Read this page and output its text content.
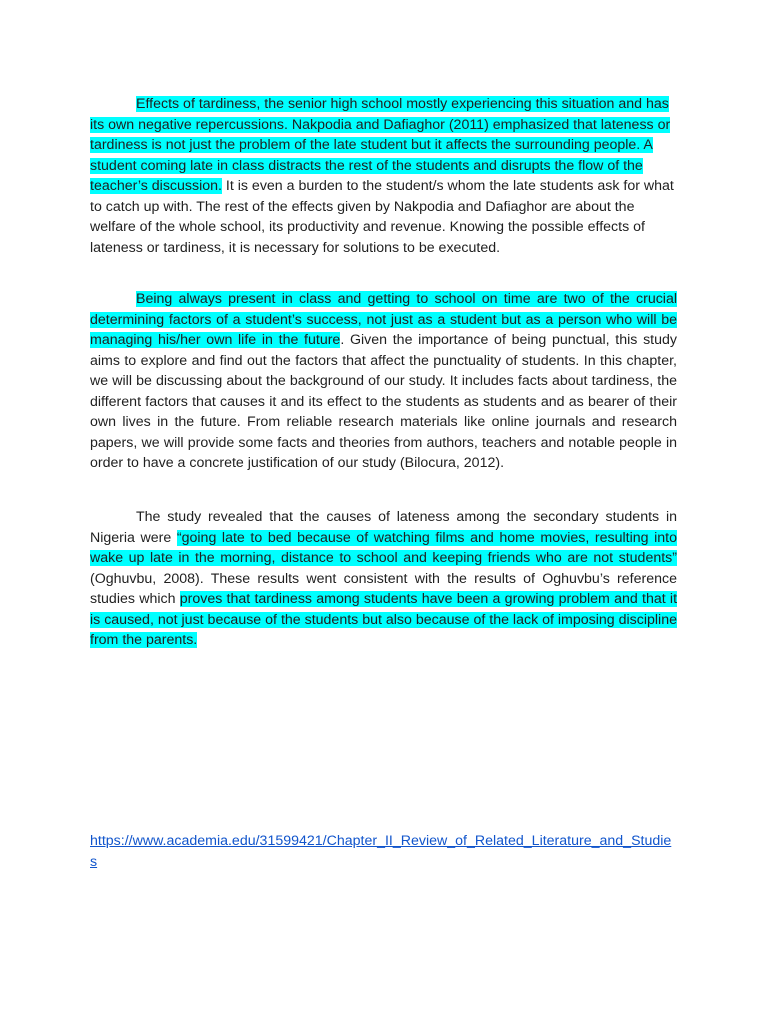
Effects of tardiness, the senior high school mostly experiencing this situation and has its own negative repercussions. Nakpodia and Dafiaghor (2011) emphasized that lateness or tardiness is not just the problem of the late student but it affects the surrounding people. A student coming late in class distracts the rest of the students and disrupts the flow of the teacher’s discussion. It is even a burden to the student/s whom the late students ask for what to catch up with. The rest of the effects given by Nakpodia and Dafiaghor are about the welfare of the whole school, its productivity and revenue. Knowing the possible effects of lateness or tardiness, it is necessary for solutions to be executed.

Being always present in class and getting to school on time are two of the crucial determining factors of a student’s success, not just as a student but as a person who will be managing his/her own life in the future. Given the importance of being punctual, this study aims to explore and find out the factors that affect the punctuality of students. In this chapter, we will be discussing about the background of our study. It includes facts about tardiness, the different factors that causes it and its effect to the students as students and as bearer of their own lives in the future. From reliable research materials like online journals and research papers, we will provide some facts and theories from authors, teachers and notable people in order to have a concrete justification of our study (Bilocura, 2012).

The study revealed that the causes of lateness among the secondary students in Nigeria were “going late to bed because of watching films and home movies, resulting into wake up late in the morning, distance to school and keeping friends who are not students” (Oghuvbu, 2008). These results went consistent with the results of Oghuvbu’s reference studies which proves that tardiness among students have been a growing problem and that it is caused, not just because of the students but also because of the lack of imposing discipline from the parents.

https://www.academia.edu/31599421/Chapter_II_Review_of_Related_Literature_and_Studies
